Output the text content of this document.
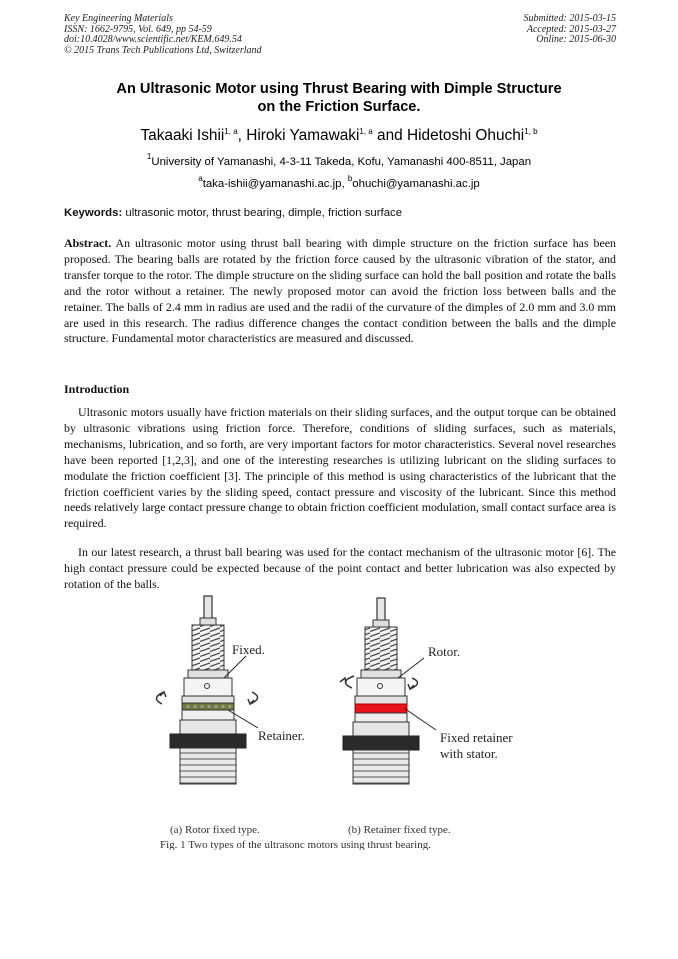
Key Engineering Materials
ISSN: 1662-9795, Vol. 649, pp 54-59
doi:10.4028/www.scientific.net/KEM.649.54
© 2015 Trans Tech Publications Ltd, Switzerland
Submitted: 2015-03-15
Accepted: 2015-03-27
Online: 2015-06-30
An Ultrasonic Motor using Thrust Bearing with Dimple Structure
on the Friction Surface.
Takaaki Ishii$^{1, a}$, Hiroki Yamawaki$^{1, a}$ and Hidetoshi Ohuchi$^{1, b}$
$^1$University of Yamanashi, 4-3-11 Takeda, Kofu, Yamanashi 400-8511, Japan
$^a$taka-ishii@yamanashi.ac.jp, $^b$ohuchi@yamanashi.ac.jp
Keywords: ultrasonic motor, thrust bearing, dimple, friction surface
Abstract. An ultrasonic motor using thrust ball bearing with dimple structure on the friction surface has been proposed. The bearing balls are rotated by the friction force caused by the ultrasonic vibration of the stator, and transfer torque to the rotor. The dimple structure on the sliding surface can hold the ball position and rotate the balls and the rotor without a retainer. The newly proposed motor can avoid the friction loss between balls and the retainer. The balls of 2.4 mm in radius are used and the radii of the curvature of the dimples of 2.0 mm and 3.0 mm are used in this research. The radius difference changes the contact condition between the balls and the dimple structure. Fundamental motor characteristics are measured and discussed.
Introduction
Ultrasonic motors usually have friction materials on their sliding surfaces, and the output torque can be obtained by ultrasonic vibrations using friction force. Therefore, conditions of sliding surfaces, such as materials, mechanisms, lubrication, and so forth, are very important factors for motor characteristics. Several novel researches have been reported [1,2,3], and one of the interesting researches is utilizing lubricant on the sliding surfaces to modulate the friction coefficient [3]. The principle of this method is using characteristics of the lubricant that the friction coefficient varies by the sliding speed, contact pressure and viscosity of the lubricant. Since this method needs relatively large contact pressure change to obtain friction coefficient modulation, small contact surface area is required.
In our latest research, a thrust ball bearing was used for the contact mechanism of the ultrasonic motor [6]. The high contact pressure could be expected because of the point contact and better lubrication was also expected by rotation of the balls.
Fixed.
Retainer.
Rotor.
Fixed retainer
with stator.
(a) Rotor fixed type.	(b) Retainer fixed type.
Fig. 1 Two types of the ultrasonc motors using thrust bearing.
